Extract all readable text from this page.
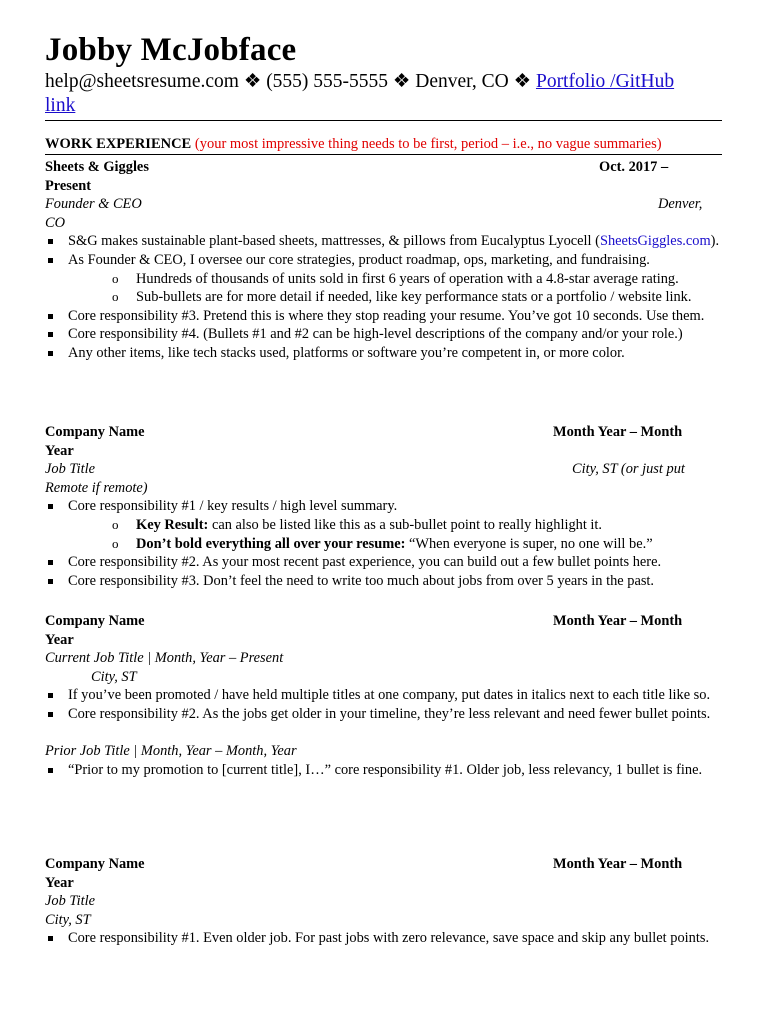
Jobby McJobface
help@sheetsresume.com ❖ (555) 555-5555 ❖ Denver, CO ❖ Portfolio /GitHub link
WORK EXPERIENCE (your most impressive thing needs to be first, period – i.e., no vague summaries)
Sheets & Giggles	Oct. 2017 –
Present
Founder & CEO	Denver,
CO
S&G makes sustainable plant-based sheets, mattresses, & pillows from Eucalyptus Lyocell (SheetsGiggles.com).
As Founder & CEO, I oversee our core strategies, product roadmap, ops, marketing, and fundraising.
o Hundreds of thousands of units sold in first 6 years of operation with a 4.8-star average rating.
o Sub-bullets are for more detail if needed, like key performance stats or a portfolio / website link.
Core responsibility #3. Pretend this is where they stop reading your resume. You’ve got 10 seconds. Use them.
Core responsibility #4. (Bullets #1 and #2 can be high-level descriptions of the company and/or your role.)
Any other items, like tech stacks used, platforms or software you’re competent in, or more color.
Company Name	Month Year – Month
Year
Job Title	City, ST (or just put
Remote if remote)
Core responsibility #1 / key results / high level summary.
o Key Result: can also be listed like this as a sub-bullet point to really highlight it.
o Don’t bold everything all over your resume: “When everyone is super, no one will be.”
Core responsibility #2. As your most recent past experience, you can build out a few bullet points here.
Core responsibility #3. Don’t feel the need to write too much about jobs from over 5 years in the past.
Company Name	Month Year – Month
Year
Current Job Title | Month, Year – Present
City, ST
If you’ve been promoted / have held multiple titles at one company, put dates in italics next to each title like so.
Core responsibility #2. As the jobs get older in your timeline, they’re less relevant and need fewer bullet points.
Prior Job Title | Month, Year – Month, Year
“Prior to my promotion to [current title], I…” core responsibility #1. Older job, less relevancy, 1 bullet is fine.
Company Name	Month Year – Month
Year
Job Title
City, ST
Core responsibility #1. Even older job. For past jobs with zero relevance, save space and skip any bullet points.
